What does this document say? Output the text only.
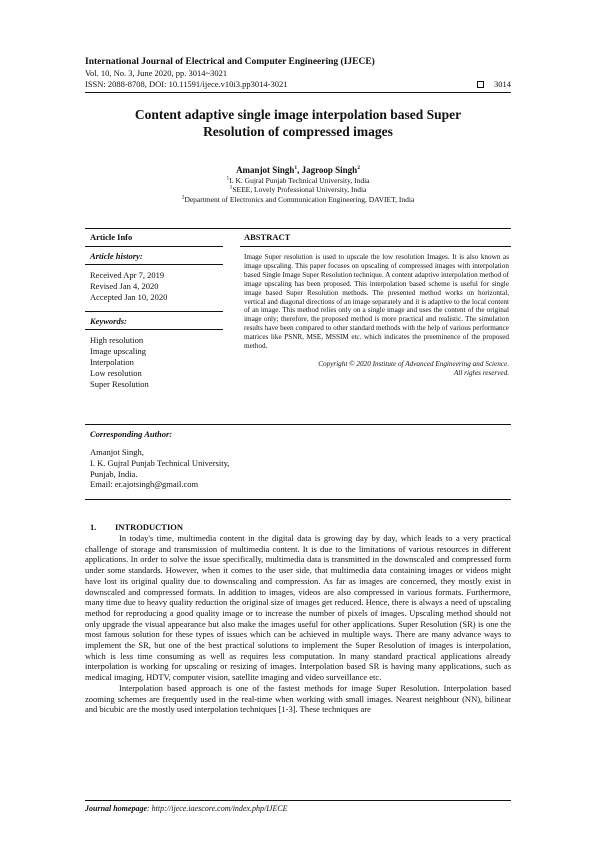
International Journal of Electrical and Computer Engineering (IJECE)
Vol. 10, No. 3, June 2020, pp. 3014~3021
ISSN: 2088-8708, DOI: 10.11591/ijece.v10i3.pp3014-3021	3014
Content adaptive single image interpolation based Super
Resolution of compressed images
Amanjot Singh$^1$, Jagroop Singh$^2$
$^1$I. K. Gujral Punjab Technical University, India
$^1$SEEE, Lovely Professional University, India
$^2$Department of Electronics and Communication Engineering, DAVIET, India
Article Info
Article history:
Received Apr 7, 2019
Revised Jan 4, 2020
Accepted Jan 10, 2020
Keywords:
High resolution
Image upscaling
Interpolation
Low resolution
Super Resolution
ABSTRACT
Image Super resolution is used to upscale the low resolution Images. It is also known as image upscaling. This paper focuses on upscaling of compressed images with interpolation based Single Image Super Resolution technique. A content adaptive interpolation method of image upscaling has been proposed. This interpolation based scheme is useful for single image based Super Resolution methods. The presented method works on horizontal, vertical and diagonal directions of an image separately and it is adaptive to the local content of an image. This method relies only on a single image and uses the content of the original image only; therefore, the proposed method is more practical and realistic. The simulation results have been compared to other standard methods with the help of various performance matrices like PSNR, MSE, MSSIM etc. which indicates the preeminence of the proposed method.
Copyright © 2020 Institute of Advanced Engineering and Science.
All rights reserved.
Corresponding Author:
Amanjot Singh,
I. K. Gujral Punjab Technical University,
Punjab, India.
Email: er.ajotsingh@gmail.com
1. INTRODUCTION

In today's time, multimedia content in the digital data is growing day by day, which leads to a very practical challenge of storage and transmission of multimedia content. It is due to the limitations of various resources in different applications. In order to solve the issue specifically, multimedia data is transmitted in the downscaled and compressed form under some standards. However, when it comes to the user side, that multimedia data containing images or videos might have lost its original quality due to downscaling and compression. As far as images are concerned, they mostly exist in downscaled and compressed formats. In addition to images, videos are also compressed in various formats. Furthermore, many time due to heavy quality reduction the original size of images get reduced. Hence, there is always a need of upscaling method for reproducing a good quality image or to increase the number of pixels of images. Upscaling method should not only upgrade the visual appearance but also make the images useful for other applications. Super Resolution (SR) is one the most famous solution for these types of issues which can be achieved in multiple ways. There are many advance ways to implement the SR, but one of the best practical solutions to implement the Super Resolution of images is interpolation, which is less time consuming as well as requires less computation. In many standard practical applications already interpolation is working for upscaling or resizing of images. Interpolation based SR is having many applications, such as medical imaging, HDTV, computer vision, satellite imaging and video surveillance etc.

Interpolation based approach is one of the fastest methods for image Super Resolution. Interpolation based zooming schemes are frequently used in the real-time when working with small images. Nearest neighbour (NN), bilinear and bicubic are the mostly used interpolation techniques [1-3]. These techniques are

Journal homepage: http://ijece.iaescore.com/index.php/IJECE
